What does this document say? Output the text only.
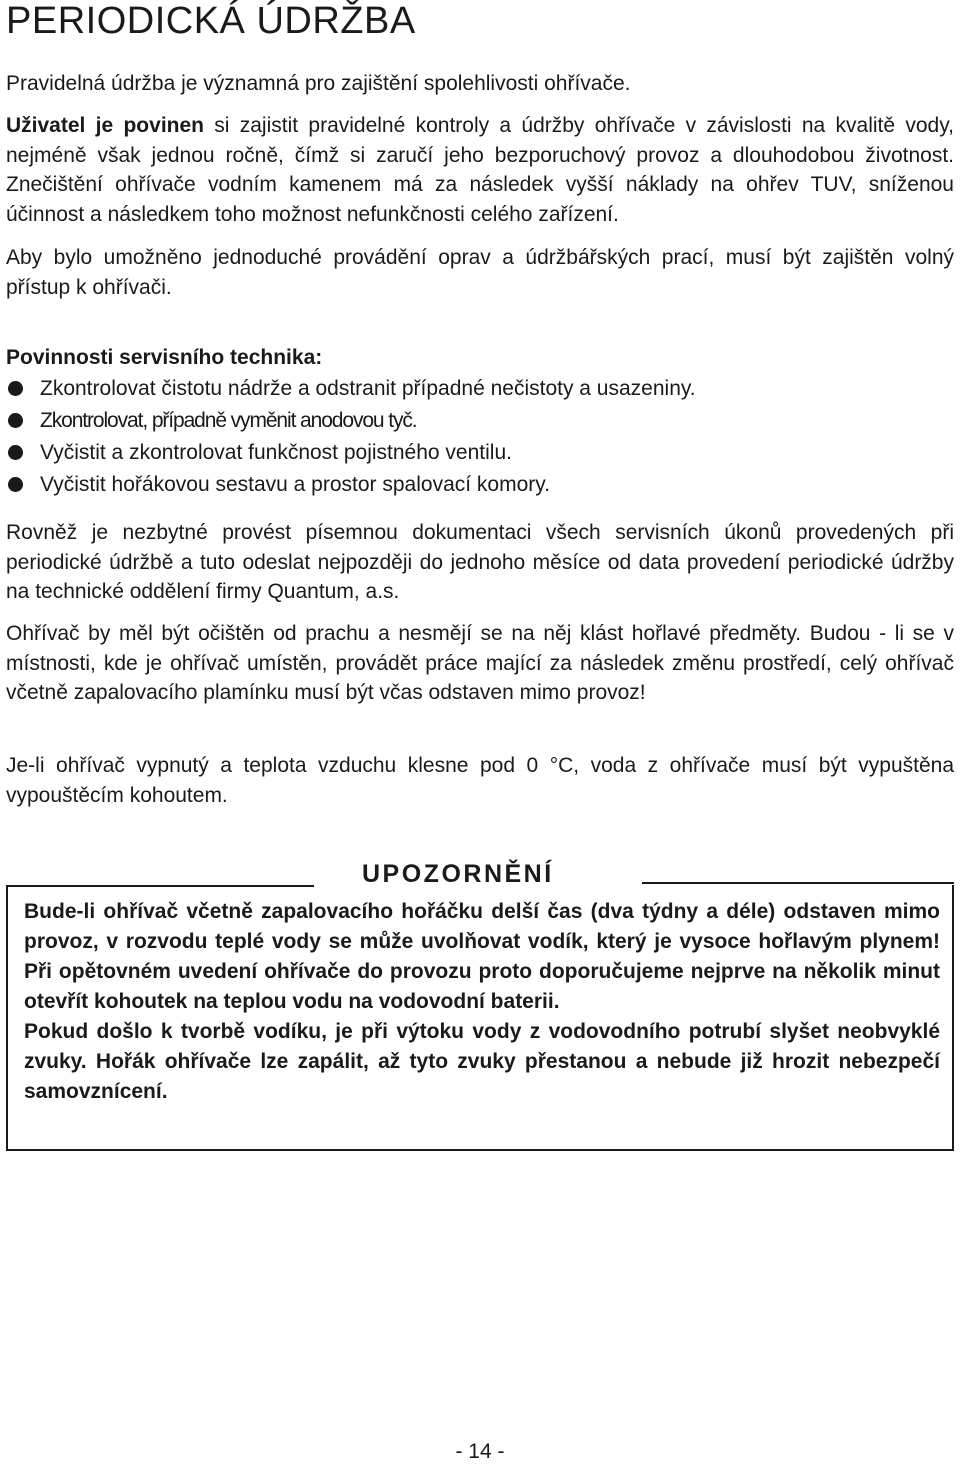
PERIODICKÁ ÚDRŽBA

Pravidelná údržba je významná pro zajištění spolehlivosti ohřívače.

Uživatel je povinen si zajistit pravidelné kontroly a údržby ohřívače v závislosti na kvalitě vody, nejméně však jednou ročně, čímž si zaručí jeho bezporuchový provoz a dlouhodobou životnost. Znečištění ohřívače vodním kamenem má za následek vyšší náklady na ohřev TUV, sníženou účinnost a následkem toho možnost nefunkčnosti celého zařízení.

Aby bylo umožněno jednoduché provádění oprav a údržbářských prací, musí být zajištěn volný přístup k ohřívači.

Povinnosti servisního technika:

Zkontrolovat čistotu nádrže a odstranit případné nečistoty a usazeniny.
Zkontrolovat, případně vyměnit anodovou tyč.
Vyčistit a zkontrolovat funkčnost pojistného ventilu.
Vyčistit hořákovou sestavu a prostor spalovací komory.

Rovněž je nezbytné provést písemnou dokumentaci všech servisních úkonů provedených při periodické údržbě a tuto odeslat nejpozději do jednoho měsíce od data provedení periodické údržby na technické oddělení firmy Quantum, a.s.

Ohřívač by měl být očištěn od prachu a nesmějí se na něj klást hořlavé předměty. Budou - li se v místnosti, kde je ohřívač umístěn, provádět práce mající za následek změnu prostředí, celý ohřívač včetně zapalovacího plamínku musí být včas odstaven mimo provoz!

Je-li ohřívač vypnutý a teplota vzduchu klesne pod 0 °C, voda z ohřívače musí být vypuštěna vypouštěcím kohoutem.

UPOZORNĚNÍ
Bude-li ohřívač včetně zapalovacího hořáčku delší čas (dva týdny a déle) odstaven mimo provoz, v rozvodu teplé vody se může uvolňovat vodík, který je vysoce hořlavým plynem! Při opětovném uvedení ohřívače do provozu proto doporučujeme nejprve na několik minut otevřít kohoutek na teplou vodu na vodovodní baterii.
Pokud došlo k tvorbě vodíku, je při výtoku vody z vodovodního potrubí slyšet neobvyklé zvuky. Hořák ohřívače lze zapálit, až tyto zvuky přestanou a nebude již hrozit nebezpečí samovznícení.
- 14 -
